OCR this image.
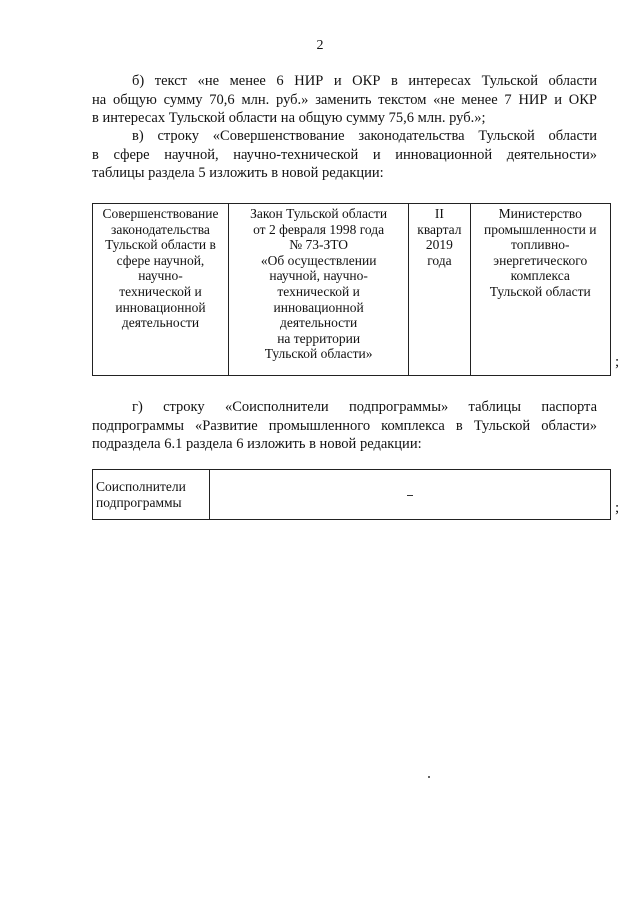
2
б) текст «не менее 6 НИР и ОКР в интересах Тульской области
на общую сумму 70,6 млн. руб.» заменить текстом «не менее 7 НИР и ОКР
в интересах Тульской области на общую сумму 75,6 млн. руб.»;
в) строку «Совершенствование законодательства Тульской области
в сфере научной, научно-технической и инновационной деятельности»
таблицы раздела 5 изложить в новой редакции:
Совершенствование
законодательства
Тульской области в
сфере научной,
научно-
технической и
инновационной
деятельности

Закон Тульской области
от 2 февраля 1998 года
№ 73-ЗТО
«Об осуществлении
научной, научно-
технической и
инновационной
деятельности
на территории
Тульской области»

II
квартал
2019
года

Министерство
промышленности и
топливно-
энергетического
комплекса
Тульской области
;
г) строку «Соисполнители подпрограммы» таблицы паспорта
подпрограммы «Развитие промышленного комплекса в Тульской области»
подраздела 6.1 раздела 6 изложить в новой редакции:
Соисполнители
подпрограммы
		;
